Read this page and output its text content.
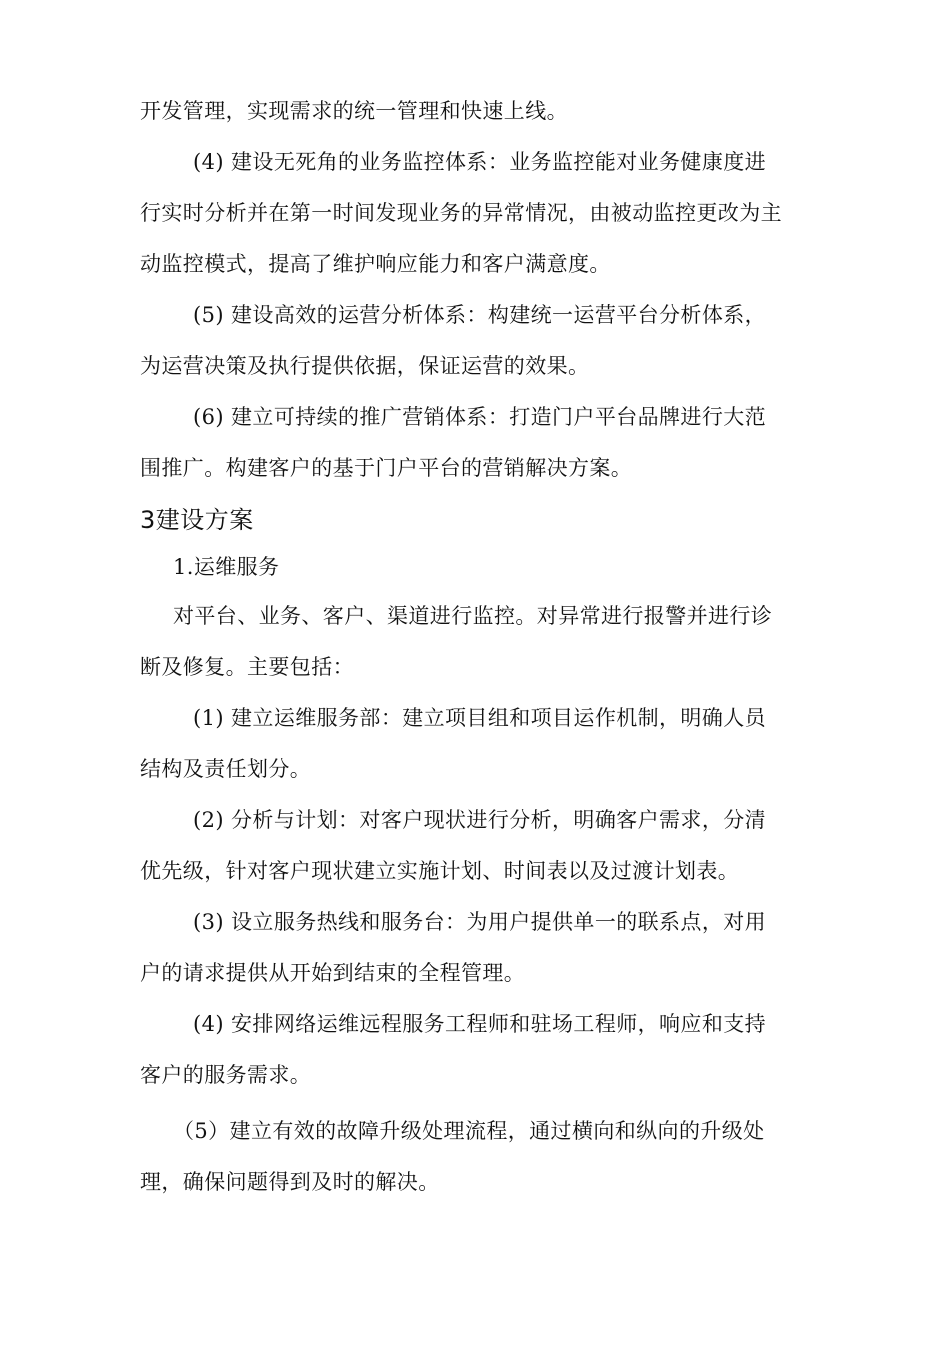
开发管理，实现需求的统一管理和快速上线。
(4) 建设无死角的业务监控体系：业务监控能对业务健康度进
行实时分析并在第一时间发现业务的异常情况，由被动监控更改为主
动监控模式，提高了维护响应能力和客户满意度。
(5) 建设高效的运营分析体系：构建统一运营平台分析体系，
为运营决策及执行提供依据，保证运营的效果。
(6) 建立可持续的推广营销体系：打造门户平台品牌进行大范
围推广。构建客户的基于门户平台的营销解决方案。
3建设方案
1.运维服务
对平台、业务、客户、渠道进行监控。对异常进行报警并进行诊
断及修复。主要包括：
(1) 建立运维服务部：建立项目组和项目运作机制，明确人员
结构及责任划分。
(2) 分析与计划：对客户现状进行分析，明确客户需求，分清
优先级，针对客户现状建立实施计划、时间表以及过渡计划表。
(3) 设立服务热线和服务台：为用户提供单一的联系点，对用
户的请求提供从开始到结束的全程管理。
(4) 安排网络运维远程服务工程师和驻场工程师，响应和支持
客户的服务需求。
（5）建立有效的故障升级处理流程，通过横向和纵向的升级处
理，确保问题得到及时的解决。
